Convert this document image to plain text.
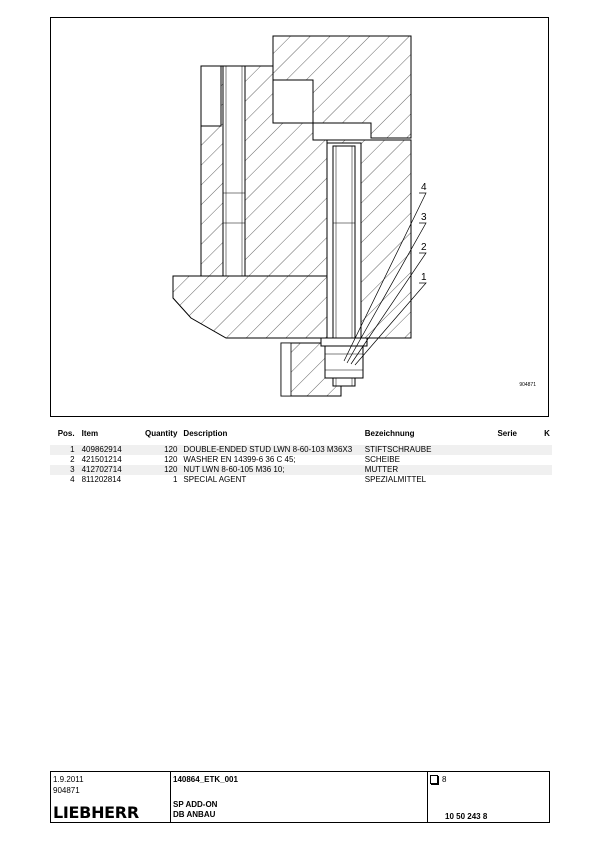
4
3
2
1
904871
Pos.	Item	Quantity	Description	Bezeichnung	Serie	K
1	409862914	120	DOUBLE-ENDED STUD LWN 8-60-103 M36X3	STIFTSCHRAUBE		
2	421501214	120	WASHER EN 14399-6 36 C 45;	SCHEIBE		
3	412702714	120	NUT LWN 8-60-105 M36 10;	MUTTER		
4	811202814	1	SPECIAL AGENT	SPEZIALMITTEL		
1.9.2011
904871
LIEBHERR
140864_ETK_001
SP ADD-ON
DB ANBAU
8
10 50 243 8
